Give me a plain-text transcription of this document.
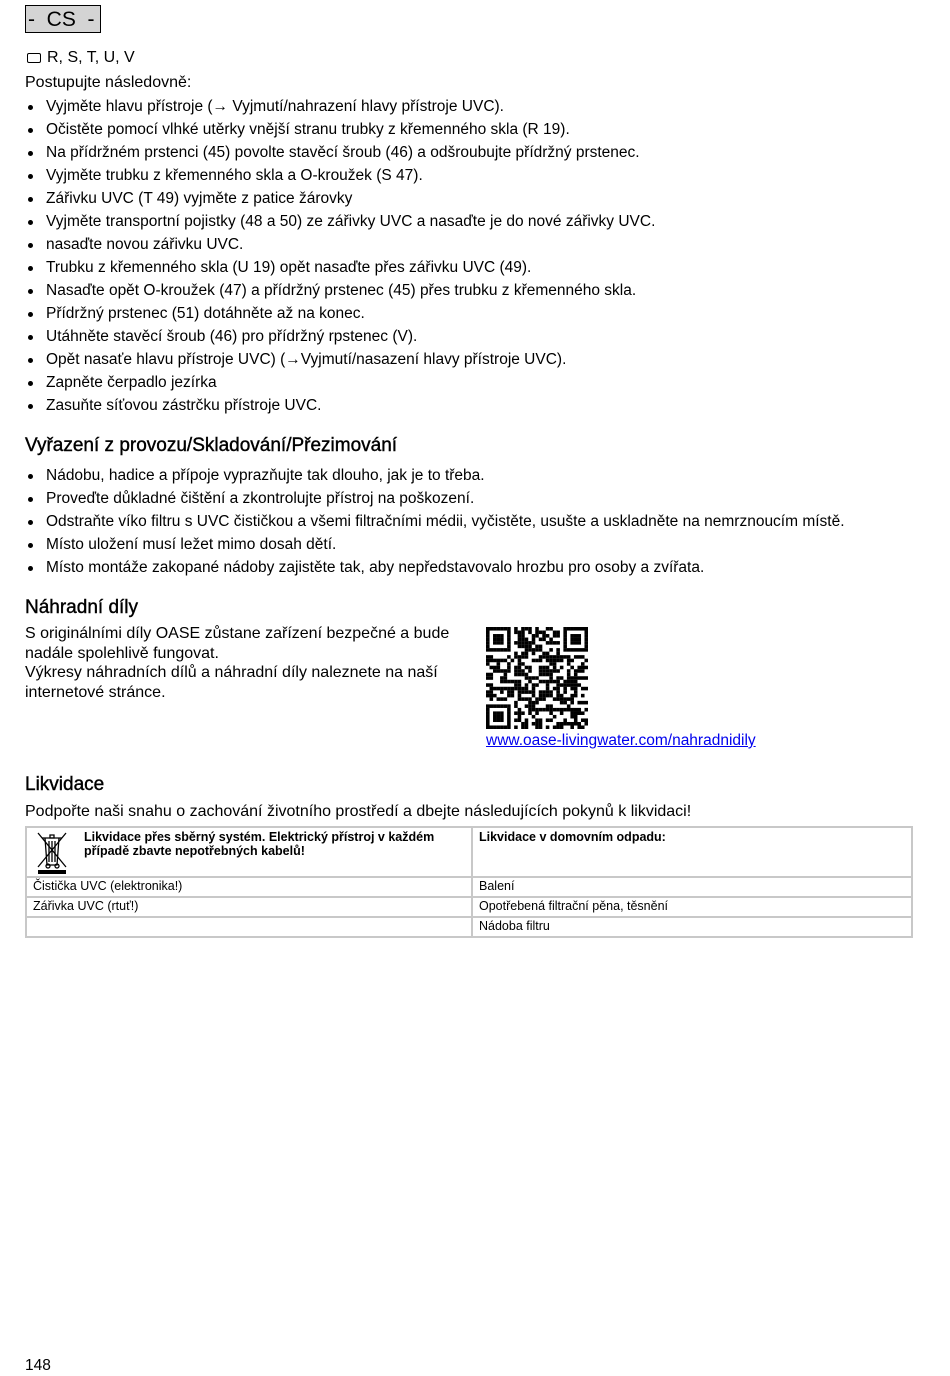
-  CS  -
R, S, T, U, V
Postupujte následovně:
Vyjměte hlavu přístroje (→ Vyjmutí/nahrazení hlavy přístroje UVC).
Očistěte pomocí vlhké utěrky vnější stranu trubky z křemenného skla (R 19).
Na přídržném prstenci (45) povolte stavěcí šroub (46) a odšroubujte přídržný prstenec.
Vyjměte trubku z křemenného skla a O-kroužek (S 47).
Zářivku UVC (T 49) vyjměte z patice žárovky
Vyjměte transportní pojistky (48 a 50) ze zářivky UVC a nasaďte je do nové zářivky UVC.
nasaďte novou zářivku UVC.
Trubku z křemenného skla (U 19) opět nasaďte přes zářivku UVC (49).
Nasaďte opět O-kroužek (47) a přídržný prstenec (45) přes trubku z křemenného skla.
Přídržný prstenec (51) dotáhněte až na konec.
Utáhněte stavěcí šroub (46) pro přídržný rpstenec (V).
Opět nasaťe hlavu přístroje UVC) (→Vyjmutí/nasazení hlavy přístroje UVC).
Zapněte čerpadlo jezírka
Zasuňte síťovou zástrčku přístroje UVC.
Vyřazení z provozu/Skladování/Přezimování
Nádobu, hadice a přípoje vyprazňujte tak dlouho, jak je to třeba.
Proveďte důkladné čištění a zkontrolujte přístroj na poškození.
Odstraňte víko filtru s UVC čističkou a všemi filtračními médii, vyčistěte, usušte a uskladněte na nemrznoucím místě.
Místo uložení musí ležet mimo dosah dětí.
Místo montáže zakopané nádoby zajistěte tak, aby nepředstavovalo hrozbu pro osoby a zvířata.
Náhradní díly

S originálními díly OASE zůstane zařízení bezpečné a bude nadále spolehlivě fungovat.

Výkresy náhradních dílů a náhradní díly naleznete na naší internetové stránce.

www.oase-livingwater.com/nahradnidily
Likvidace
Podpořte naši snahu o zachování životního prostředí a dbejte následujících pokynů k likvidaci!
Likvidace přes sběrný systém. Elektrický přístroj v každém případě zbavte nepotřebných kabelů!	Likvidace v domovním odpadu:
Čistička UVC (elektronika!)	Balení
Zářivka UVC (rtuť!)	Opotřebená filtrační pěna, těsnění
	Nádoba filtru
148
